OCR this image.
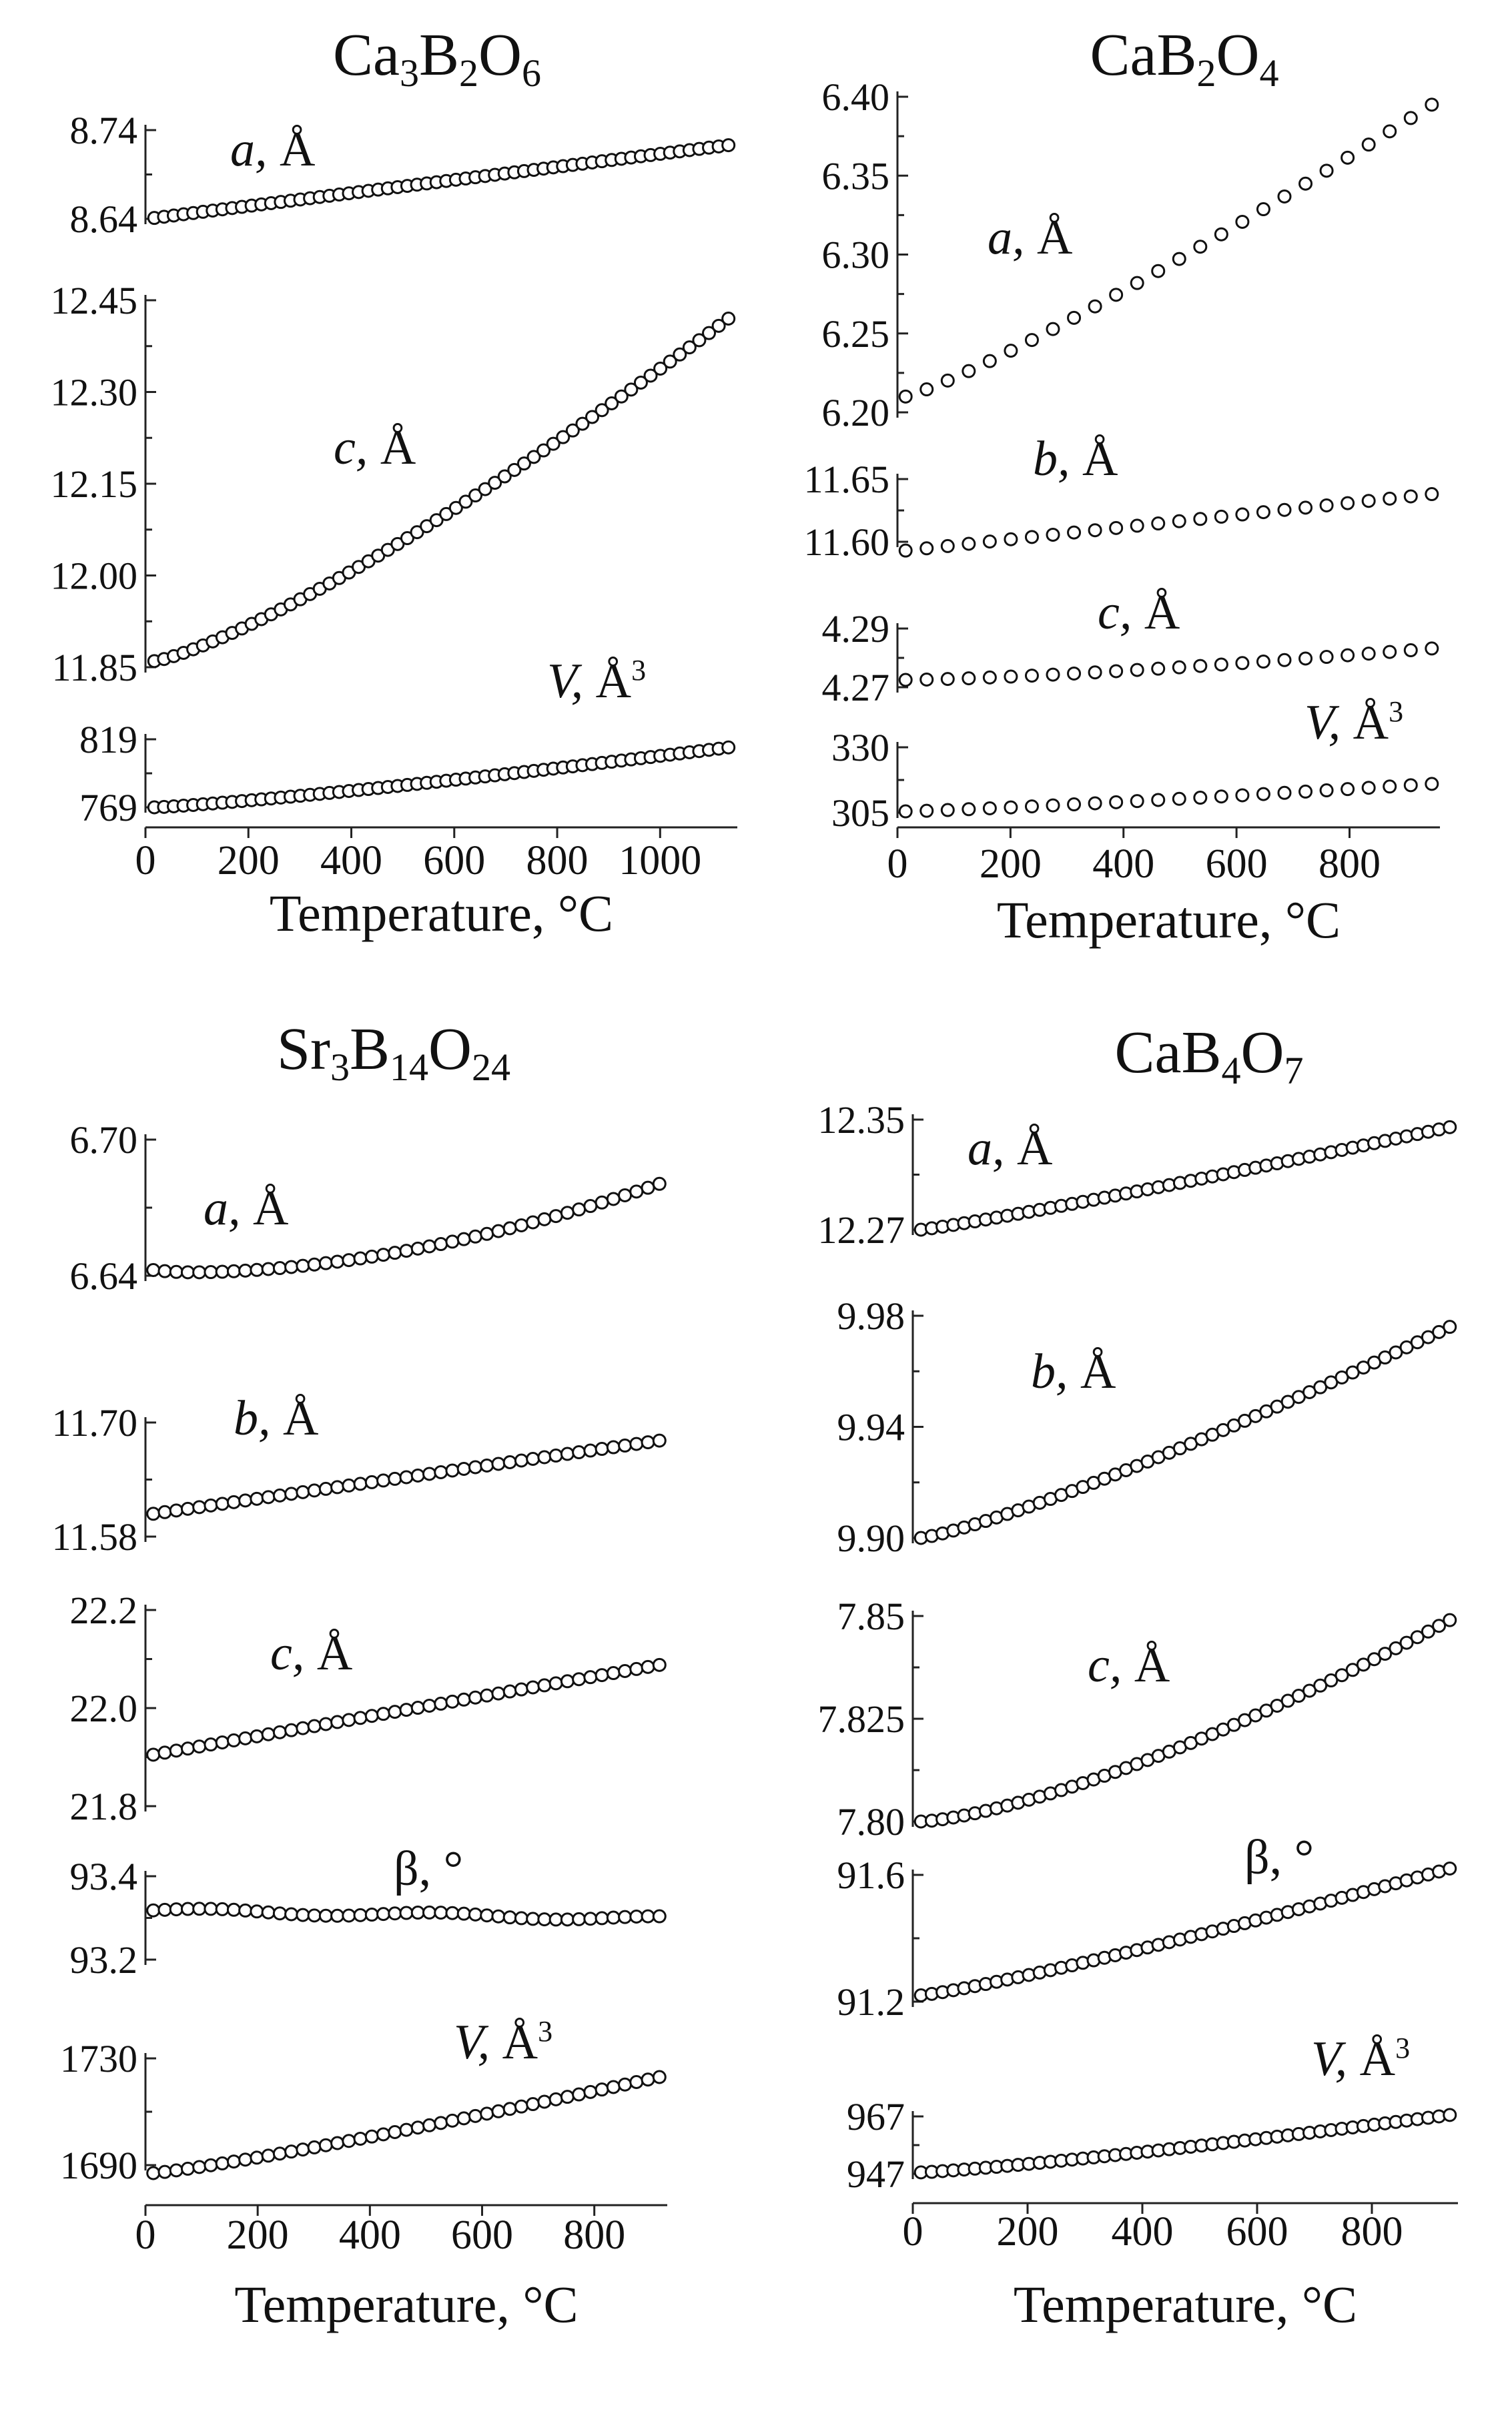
Ca3B2O6
0 200 400 600 800 1000
Temperature, °C
8.74
8.64
a, Å
12.45
12.30
12.15
12.00
11.85
c, Å
819
769
V, Å3
CaB2O4
0 200 400 600 800
Temperature, °C
6.40
6.35
6.30
6.25
6.20
a, Å
11.65
11.60
b, Å
4.29
4.27
c, Å
330
305
V, Å3
Sr3B14O24
0 200 400 600 800
Temperature, °C
6.70
6.64
a, Å
11.70
11.58
b, Å
22.2
22.0
21.8
c, Å
93.4
93.2
β, °
1730
1690
V, Å3
CaB4O7
0 200 400 600 800
Temperature, °C
12.35
12.27
a, Å
9.98
9.94
9.90
b, Å
7.85
7.825
7.80
c, Å
91.6
91.2
β, °
967
947
V, Å3
